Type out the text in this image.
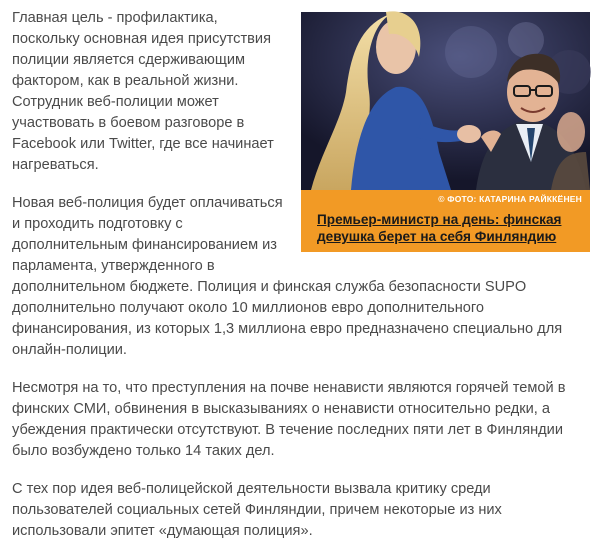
© ФОТО: КАТАРИНА РАЙККЁНЕН
Премьер-министр на день: финская девушка берет на себя Финляндию

Главная цель - профилактика, поскольку основная идея присутствия полиции является сдерживающим фактором, как в реальной жизни. Сотрудник веб-полиции может участвовать в боевом разговоре в Facebook или Twitter, где все начинает нагреваться.

Новая веб-полиция будет оплачиваться и проходить подготовку с дополнительным финансированием из парламента, утвержденного в дополнительном бюджете. Полиция и финская служба безопасности SUPO дополнительно получают около 10 миллионов евро дополнительного финансирования, из которых 1,3 миллиона евро предназначено специально для онлайн-полиции.

Несмотря на то, что преступления на почве ненависти являются горячей темой в финских СМИ, обвинения в высказываниях о ненависти относительно редки, а убеждения практически отсутствуют. В течение последних пяти лет в Финляндии было возбуждено только 14 таких дел.

С тех пор идея веб-полицейской деятельности вызвала критику среди пользователей социальных сетей Финляндии, причем некоторые из них использовали эпитет «думающая полиция».
